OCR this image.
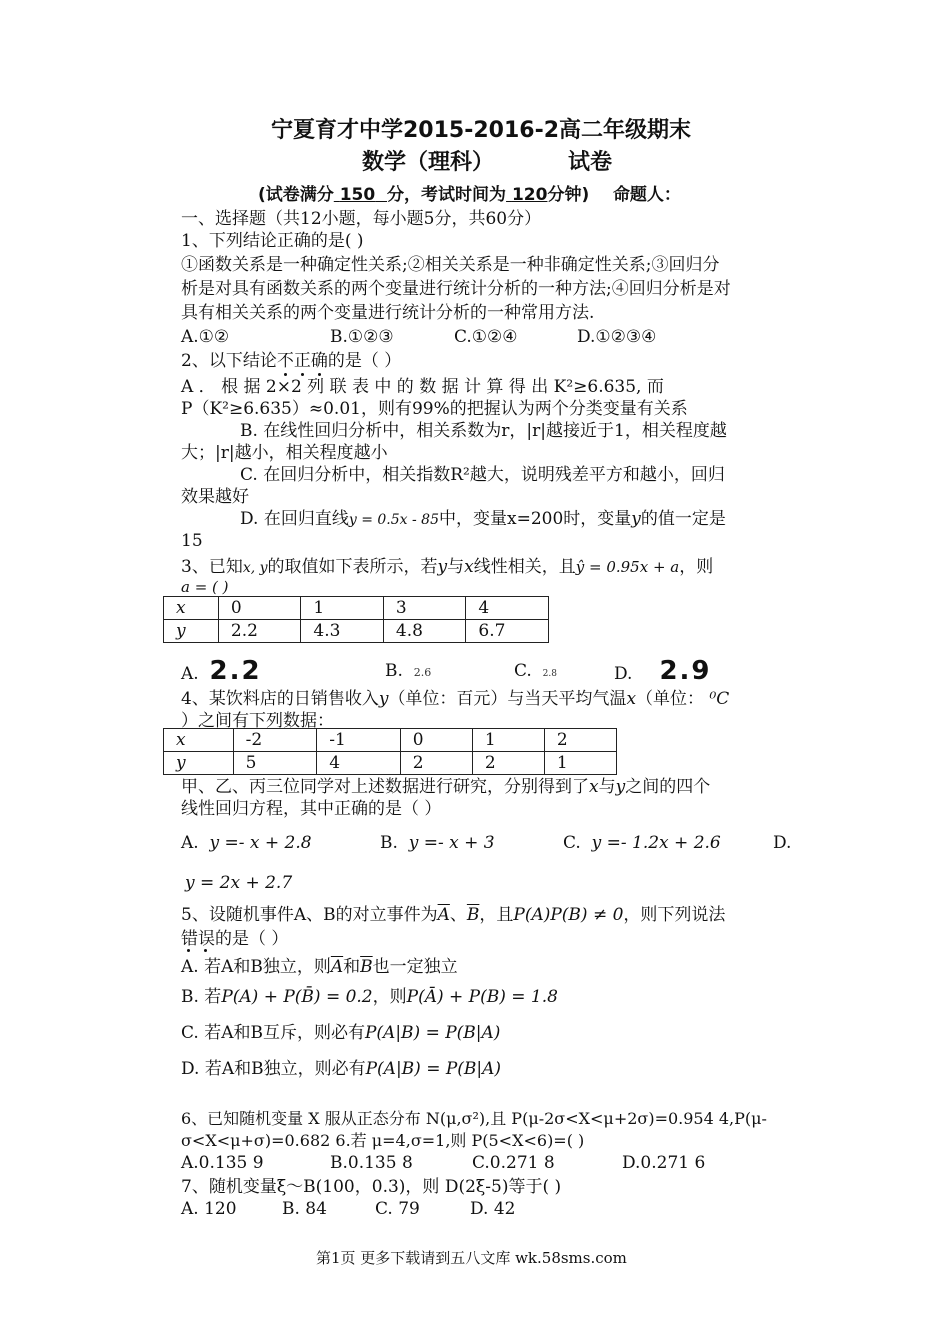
宁夏育才中学2015-2016-2高二年级期末
数学（理科）	试卷
(试卷满分 150 分，考试时间为 120分钟) 命题人：
一、选择题（共12小题，每小题5分，共60分）
1、下列结论正确的是( )
①函数关系是一种确定性关系;②相关关系是一种非确定性关系;③回归分
析是对具有函数关系的两个变量进行统计分析的一种方法;④回归分析是对
具有相关关系的两个变量进行统计分析的一种常用方法.
A.①②	B.①②③	C.①②④	D.①②③④
2、以下结论不正确的是（ ）
A ． 根 据 2×2 列 联 表 中 的 数 据 计 算 得 出 K²≥6.635, 而
P（K²≥6.635）≈0.01，则有99%的把握认为两个分类变量有关系
B. 在线性回归分析中，相关系数为r，|r|越接近于1，相关程度越
大；|r|越小，相关程度越小
C. 在回归分析中，相关指数R²越大，说明残差平方和越小，回归
效果越好
D. 在回归直线y = 0.5x - 85中，变量x=200时，变量y的值一定是
15
3、已知x, y的取值如下表所示，若y与x线性相关，且ŷ = 0.95x + a，则
a = ( )
x	0	1	3	4
y	2.2	4.3	4.8	6.7
A. 2.2	B. 2.6	C. 2.8	D. 2.9
4、某饮料店的日销售收入y（单位：百元）与当天平均气温x（单位： ⁰C
）之间有下列数据：
x	-2	-1	0	1	2
y	5	4	2	2	1
甲、乙、丙三位同学对上述数据进行研究，分别得到了x与y之间的四个
线性回归方程，其中正确的是（ ）
A. y =- x + 2.8	B. y =- x + 3	C. y =- 1.2x + 2.6	D.
y = 2x + 2.7
5、设随机事件A、B的对立事件为$\overline{A}$、$\overline{B}$，且P(A)P(B) ≠ 0，则下列说法
错误的是（ ）
A. 若A和B独立，则$\overline{A}$和$\overline{B}$也一定独立
B. 若P(A) + P(B̄) = 0.2，则P(Ā) + P(B) = 1.8
C. 若A和B互斥，则必有P(A|B) = P(B|A)
D. 若A和B独立，则必有P(A|B) = P(B|A)
6、已知随机变量 X 服从正态分布 N(μ,σ²),且 P(μ-2σ<X<μ+2σ)=0.954 4,P(μ-
σ<X<μ+σ)=0.682 6.若 μ=4,σ=1,则 P(5<X<6)=( )
A.0.135 9	B.0.135 8	C.0.271 8	D.0.271 6
7、随机变量ξ～B(100，0.3)，则 D(2ξ-5)等于( )
A. 120	B. 84	C. 79	D. 42
第1页 更多下载请到五八文库 wk.58sms.com
